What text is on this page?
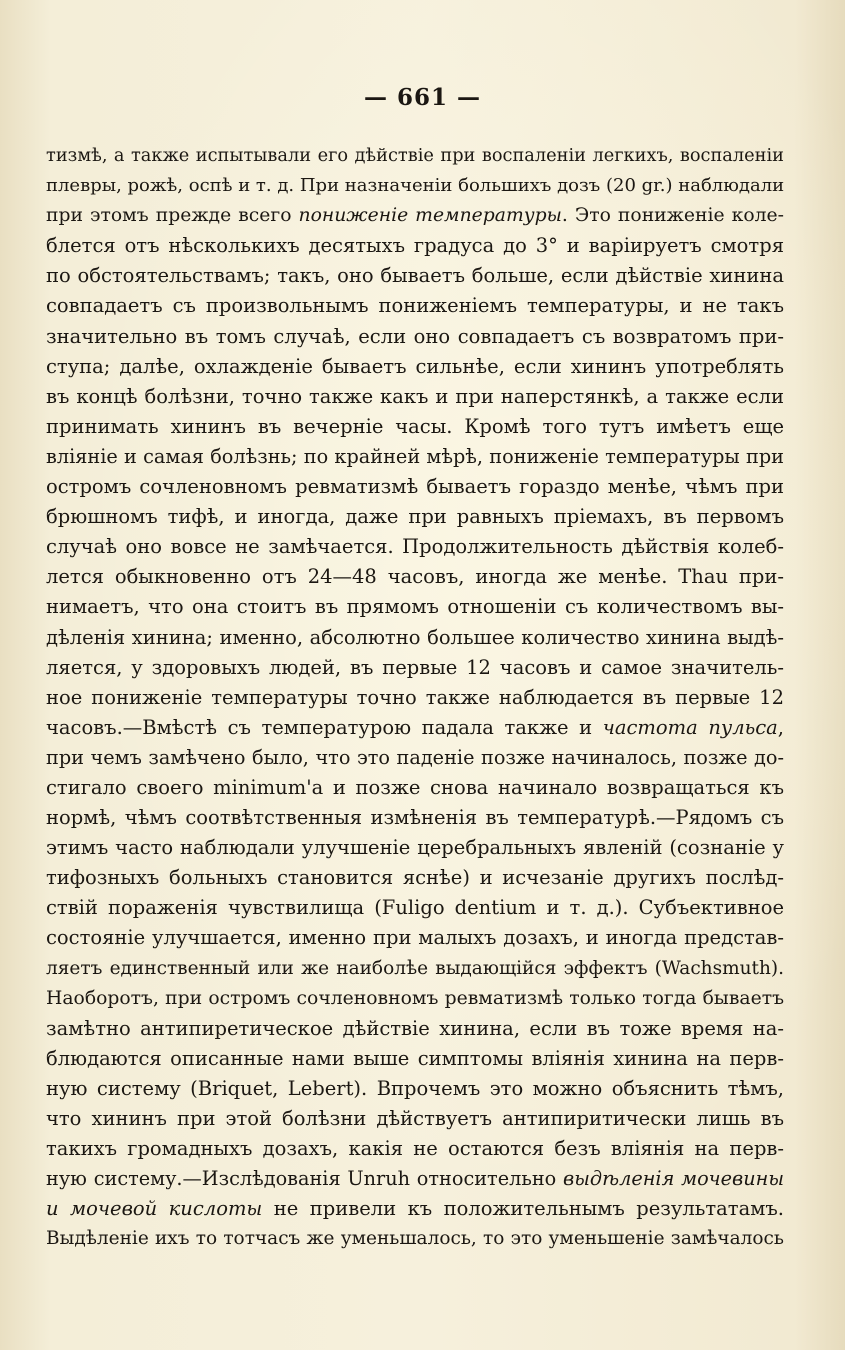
— 661 —
тизмѣ, а также испытывали его дѣйствіе при воспаленіи легкихъ, воспаленіи
плевры, рожѣ, оспѣ и т. д. При назначеніи большихъ дозъ (20 gr.) наблюдали
при этомъ прежде всего пониженіе температуры. Это пониженіе коле-
блется отъ нѣсколькихъ десятыхъ градуса до 3° и варіируетъ смотря
по обстоятельствамъ; такъ, оно бываетъ больше, если дѣйствіе хинина
совпадаетъ съ произвольнымъ пониженіемъ температуры, и не такъ
значительно въ томъ случаѣ, если оно совпадаетъ съ возвратомъ при-
ступа; далѣе, охлажденіе бываетъ сильнѣе, если хининъ употреблять
въ концѣ болѣзни, точно также какъ и при наперстянкѣ, а также если
принимать хининъ въ вечерніе часы. Кромѣ того тутъ имѣетъ еще
вліяніе и самая болѣзнь; по крайней мѣрѣ, пониженіе температуры при
остромъ сочленовномъ ревматизмѣ бываетъ гораздо менѣе, чѣмъ при
брюшномъ тифѣ, и иногда, даже при равныхъ пріемахъ, въ первомъ
случаѣ оно вовсе не замѣчается. Продолжительность дѣйствія колеб-
лется обыкновенно отъ 24—48 часовъ, иногда же менѣе. Thau при-
нимаетъ, что она стоитъ въ прямомъ отношеніи съ количествомъ вы-
дѣленія хинина; именно, абсолютно большее количество хинина выдѣ-
ляется, у здоровыхъ людей, въ первые 12 часовъ и самое значитель-
ное пониженіе температуры точно также наблюдается въ первые 12
часовъ.—Вмѣстѣ съ температурою падала также и частота пульса,
при чемъ замѣчено было, что это паденіе позже начиналось, позже до-
стигало своего minimum'a и позже снова начинало возвращаться къ
нормѣ, чѣмъ соотвѣтственныя измѣненія въ температурѣ.—Рядомъ съ
этимъ часто наблюдали улучшеніе церебральныхъ явленій (сознаніе у
тифозныхъ больныхъ становится яснѣе) и исчезаніе другихъ послѣд-
ствій пораженія чувствилища (Fuligo dentium и т. д.). Субъективное
состояніе улучшается, именно при малыхъ дозахъ, и иногда представ-
ляетъ единственный или же наиболѣе выдающійся эффектъ (Wachsmuth).
Наоборотъ, при остромъ сочленовномъ ревматизмѣ только тогда бываетъ
замѣтно антипиретическое дѣйствіе хинина, если въ тоже время на-
блюдаются описанные нами выше симптомы вліянія хинина на перв-
ную систему (Briquet, Lebert). Впрочемъ это можно объяснить тѣмъ,
что хининъ при этой болѣзни дѣйствуетъ антипиритически лишь въ
такихъ громадныхъ дозахъ, какія не остаются безъ вліянія на перв-
ную систему.—Изслѣдованія Unruh относительно выдѣленія мочевины
и мочевой кислоты не привели къ положительнымъ результатамъ.
Выдѣленіе ихъ то тотчасъ же уменьшалось, то это уменьшеніе замѣчалось
